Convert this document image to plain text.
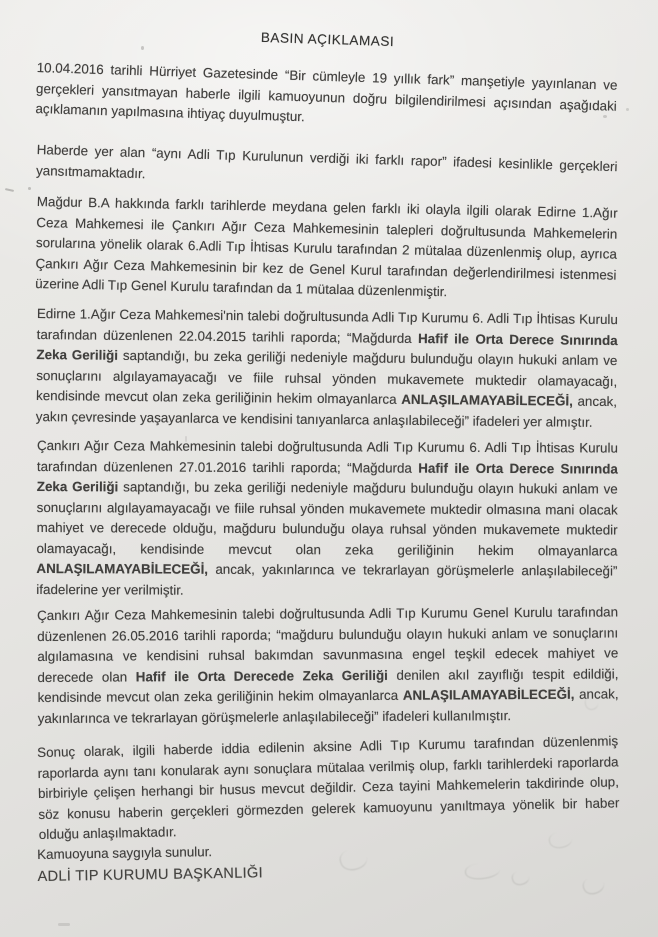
BASIN AÇIKLAMASI
10.04.2016 tarihli Hürriyet Gazetesinde “Bir cümleyle 19 yıllık fark” manşetiyle yayınlanan ve gerçekleri yansıtmayan haberle ilgili kamuoyunun doğru bilgilendirilmesi açısından aşağıdaki açıklamanın yapılmasına ihtiyaç duyulmuştur.
Haberde yer alan “aynı Adli Tıp Kurulunun verdiği iki farklı rapor” ifadesi kesinlikle gerçekleri yansıtmamaktadır.
Mağdur B.A hakkında farklı tarihlerde meydana gelen farklı iki olayla ilgili olarak Edirne 1.Ağır Ceza Mahkemesi ile Çankırı Ağır Ceza Mahkemesinin talepleri doğrultusunda Mahkemelerin sorularına yönelik olarak 6.Adli Tıp İhtisas Kurulu tarafından 2 mütalaa düzenlenmiş olup, ayrıca Çankırı Ağır Ceza Mahkemesinin bir kez de Genel Kurul tarafından değerlendirilmesi istenmesi üzerine Adli Tıp Genel Kurulu tarafından da 1 mütalaa düzenlenmiştir.
Edirne 1.Ağır Ceza Mahkemesi'nin talebi doğrultusunda Adli Tıp Kurumu 6. Adli Tıp İhtisas Kurulu tarafından düzenlenen 22.04.2015 tarihli raporda; “Mağdurda Hafif ile Orta Derece Sınırında Zeka Geriliği saptandığı, bu zeka geriliği nedeniyle mağduru bulunduğu olayın hukuki anlam ve sonuçlarını algılayamayacağı ve fiile ruhsal yönden mukavemete muktedir olamayacağı, kendisinde mevcut olan zeka geriliğinin hekim olmayanlarca ANLAŞILAMAYABİLECEĞİ, ancak, yakın çevresinde yaşayanlarca ve kendisini tanıyanlarca anlaşılabileceği” ifadeleri yer almıştır.
Çankırı Ağır Ceza Mahkemesinin talebi doğrultusunda Adli Tıp Kurumu 6. Adli Tıp İhtisas Kurulu tarafından düzenlenen 27.01.2016 tarihli raporda; “Mağdurda Hafif ile Orta Derece Sınırında Zeka Geriliği saptandığı, bu zeka geriliği nedeniyle mağduru bulunduğu olayın hukuki anlam ve sonuçlarını algılayamayacağı ve fiile ruhsal yönden mukavemete muktedir olmasına mani olacak mahiyet ve derecede olduğu, mağduru bulunduğu olaya ruhsal yönden mukavemete muktedir olamayacağı, kendisinde mevcut olan zeka geriliğinin hekim olmayanlarca ANLAŞILAMAYABİLECEĞİ, ancak, yakınlarınca ve tekrarlayan görüşmelerle anlaşılabileceği” ifadelerine yer verilmiştir.
Çankırı Ağır Ceza Mahkemesinin talebi doğrultusunda Adli Tıp Kurumu Genel Kurulu tarafından düzenlenen 26.05.2016 tarihli raporda; “mağduru bulunduğu olayın hukuki anlam ve sonuçlarını algılamasına ve kendisini ruhsal bakımdan savunmasına engel teşkil edecek mahiyet ve derecede olan Hafif ile Orta Derecede Zeka Geriliği denilen akıl zayıflığı tespit edildiği, kendisinde mevcut olan zeka geriliğinin hekim olmayanlarca ANLAŞILAMAYABİLECEĞİ, ancak, yakınlarınca ve tekrarlayan görüşmelerle anlaşılabileceği” ifadeleri kullanılmıştır.
Sonuç olarak, ilgili haberde iddia edilenin aksine Adli Tıp Kurumu tarafından düzenlenmiş raporlarda aynı tanı konularak aynı sonuçlara mütalaa verilmiş olup, farklı tarihlerdeki raporlarda birbiriyle çelişen herhangi bir husus mevcut değildir. Ceza tayini Mahkemelerin takdirinde olup, söz konusu haberin gerçekleri görmezden gelerek kamuoyunu yanıltmaya yönelik bir haber olduğu anlaşılmaktadır.
Kamuoyuna saygıyla sunulur.
ADLİ TIP KURUMU BAŞKANLIĞI
